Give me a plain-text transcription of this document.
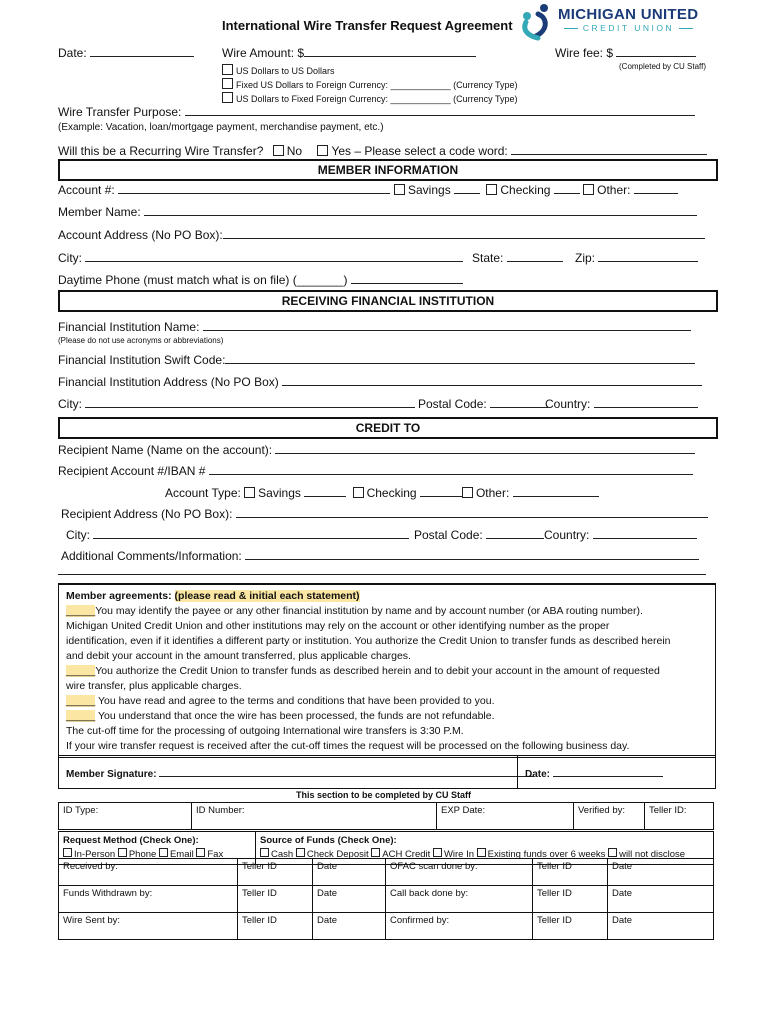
International Wire Transfer Request Agreement
MICHIGAN UNITED
CREDIT UNION
Date:	Wire Amount: $	Wire fee: $
(Completed by CU Staff)
US Dollars to US Dollars
Fixed US Dollars to Foreign Currency: ____________ (Currency Type)
US Dollars to Fixed Foreign Currency: ____________ (Currency Type)
Wire Transfer Purpose:
(Example: Vacation, loan/mortgage payment, merchandise payment, etc.)
Will this be a Recurring Wire Transfer? No Yes – Please select a code word:
MEMBER INFORMATION
Account #:	Savings	Checking	Other:
Member Name:
Account Address (No PO Box):
City:	State:	Zip:
Daytime Phone (must match what is on file) (_______)
RECEIVING FINANCIAL INSTITUTION
Financial Institution Name:
(Please do not use acronyms or abbreviations)
Financial Institution Swift Code:
Financial Institution Address (No PO Box)
City:	Postal Code:	Country:
CREDIT TO
Recipient Name (Name on the account):
Recipient Account #/IBAN #
Account Type: Savings	Checking	Other:
Recipient Address (No PO Box):
City:	Postal Code:	Country:
Additional Comments/Information:
Member agreements: (please read & initial each statement)
_____You may identify the payee or any other financial institution by name and by account number (or ABA routing number).
Michigan United Credit Union and other institutions may rely on the account or other identifying number as the proper
identification, even if it identifies a different party or institution. You authorize the Credit Union to transfer funds as described herein
and debit your account in the amount transferred, plus applicable charges.
_____You authorize the Credit Union to transfer funds as described herein and to debit your account in the amount of requested
wire transfer, plus applicable charges.
_____ You have read and agree to the terms and conditions that have been provided to you.
_____ You understand that once the wire has been processed, the funds are not refundable.
The cut-off time for the processing of outgoing International wire transfers is 3:30 P.M.
If your wire transfer request is received after the cut-off times the request will be processed on the following business day.
Member Signature:	Date:
This section to be completed by CU Staff
ID Type:	ID Number:	EXP Date:	Verified by:	Teller ID:
Request Method (Check One):
In-Person Phone Email Fax

Source of Funds (Check One):
Cash Check Deposit ACH Credit Wire In Existing funds over 6 weeks will not disclose
Received by:	Teller ID	Date	OFAC scan done by:	Teller ID	Date
Funds Withdrawn by:	Teller ID	Date	Call back done by:	Teller ID	Date
Wire Sent by:	Teller ID	Date	Confirmed by:	Teller ID	Date
